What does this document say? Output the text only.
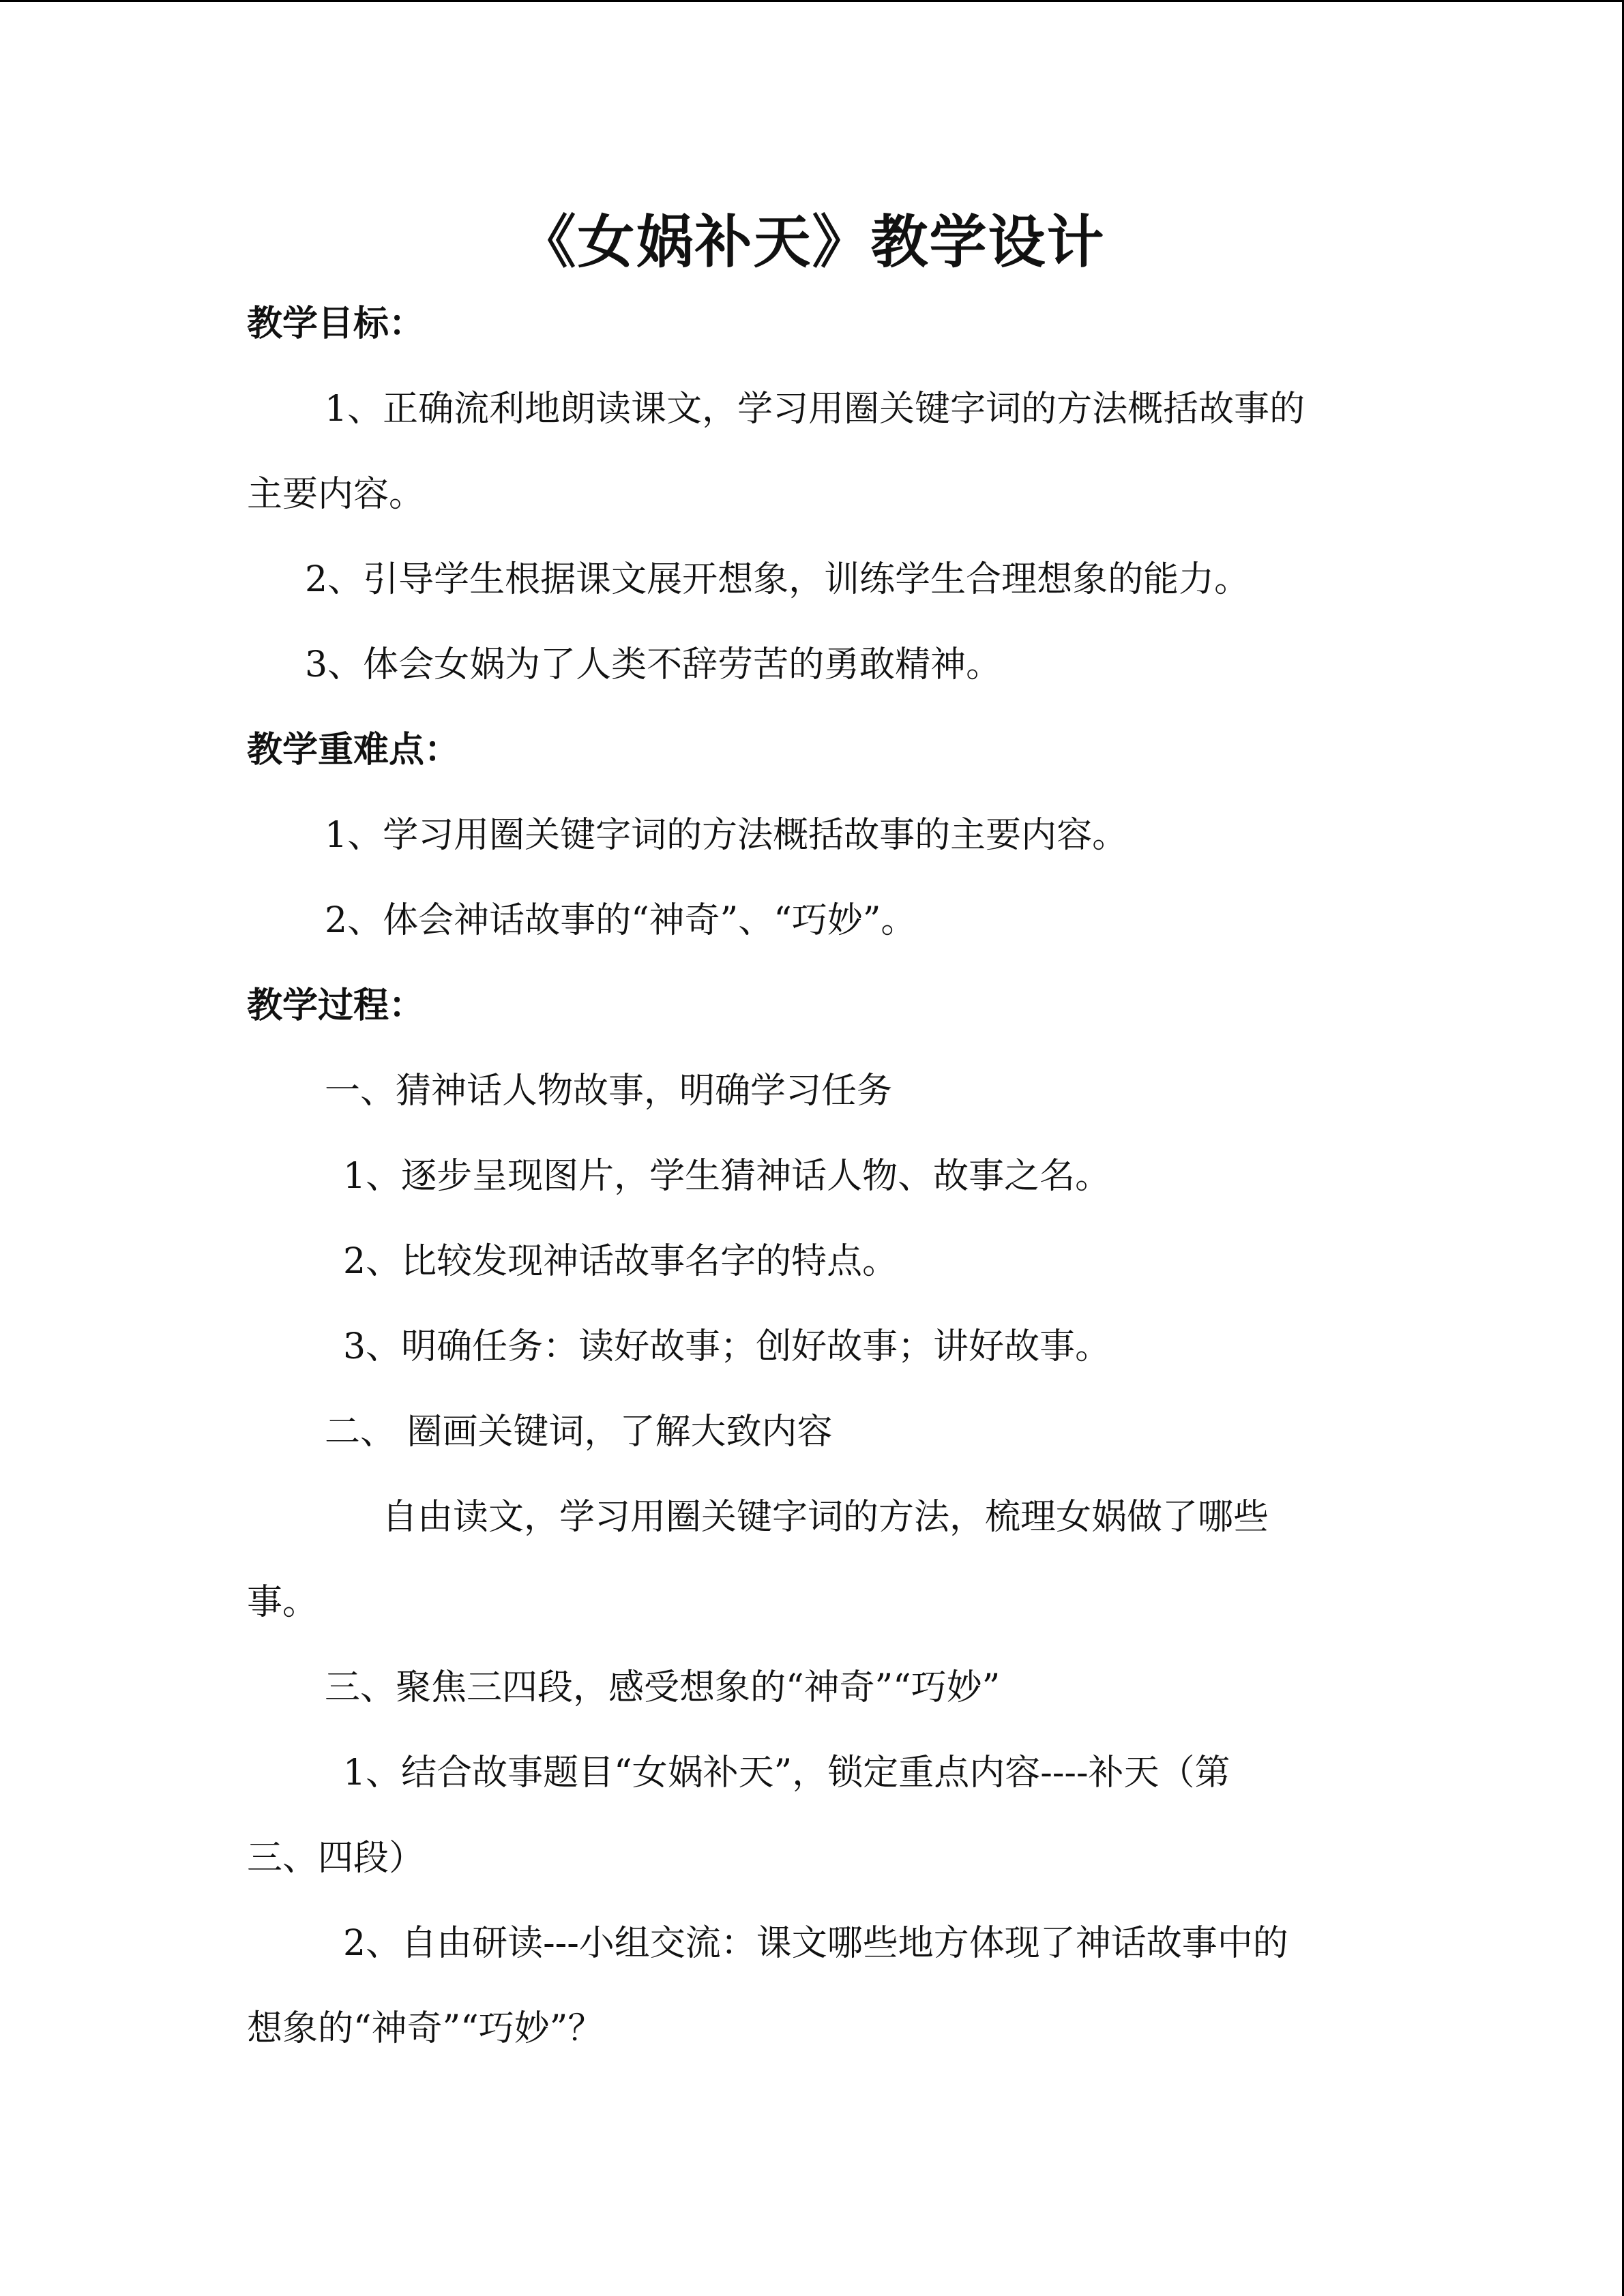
《女娲补天》教学设计

教学目标：

1、正确流利地朗读课文，学习用圈关键字词的方法概括故事的

主要内容。

2、引导学生根据课文展开想象，训练学生合理想象的能力。

3、体会女娲为了人类不辞劳苦的勇敢精神。

教学重难点：

1、学习用圈关键字词的方法概括故事的主要内容。

2、体会神话故事的“神奇”、“巧妙”。

教学过程：

一、猜神话人物故事，明确学习任务

1、逐步呈现图片，学生猜神话人物、故事之名。

2、比较发现神话故事名字的特点。

3、明确任务：读好故事；创好故事；讲好故事。

二、 圈画关键词，了解大致内容

自由读文，学习用圈关键字词的方法，梳理女娲做了哪些

事。

三、聚焦三四段，感受想象的“神奇”“巧妙”

1、结合故事题目“女娲补天”，锁定重点内容----补天（第

三、四段）

2、自由研读---小组交流：课文哪些地方体现了神话故事中的

想象的“神奇”“巧妙”？
